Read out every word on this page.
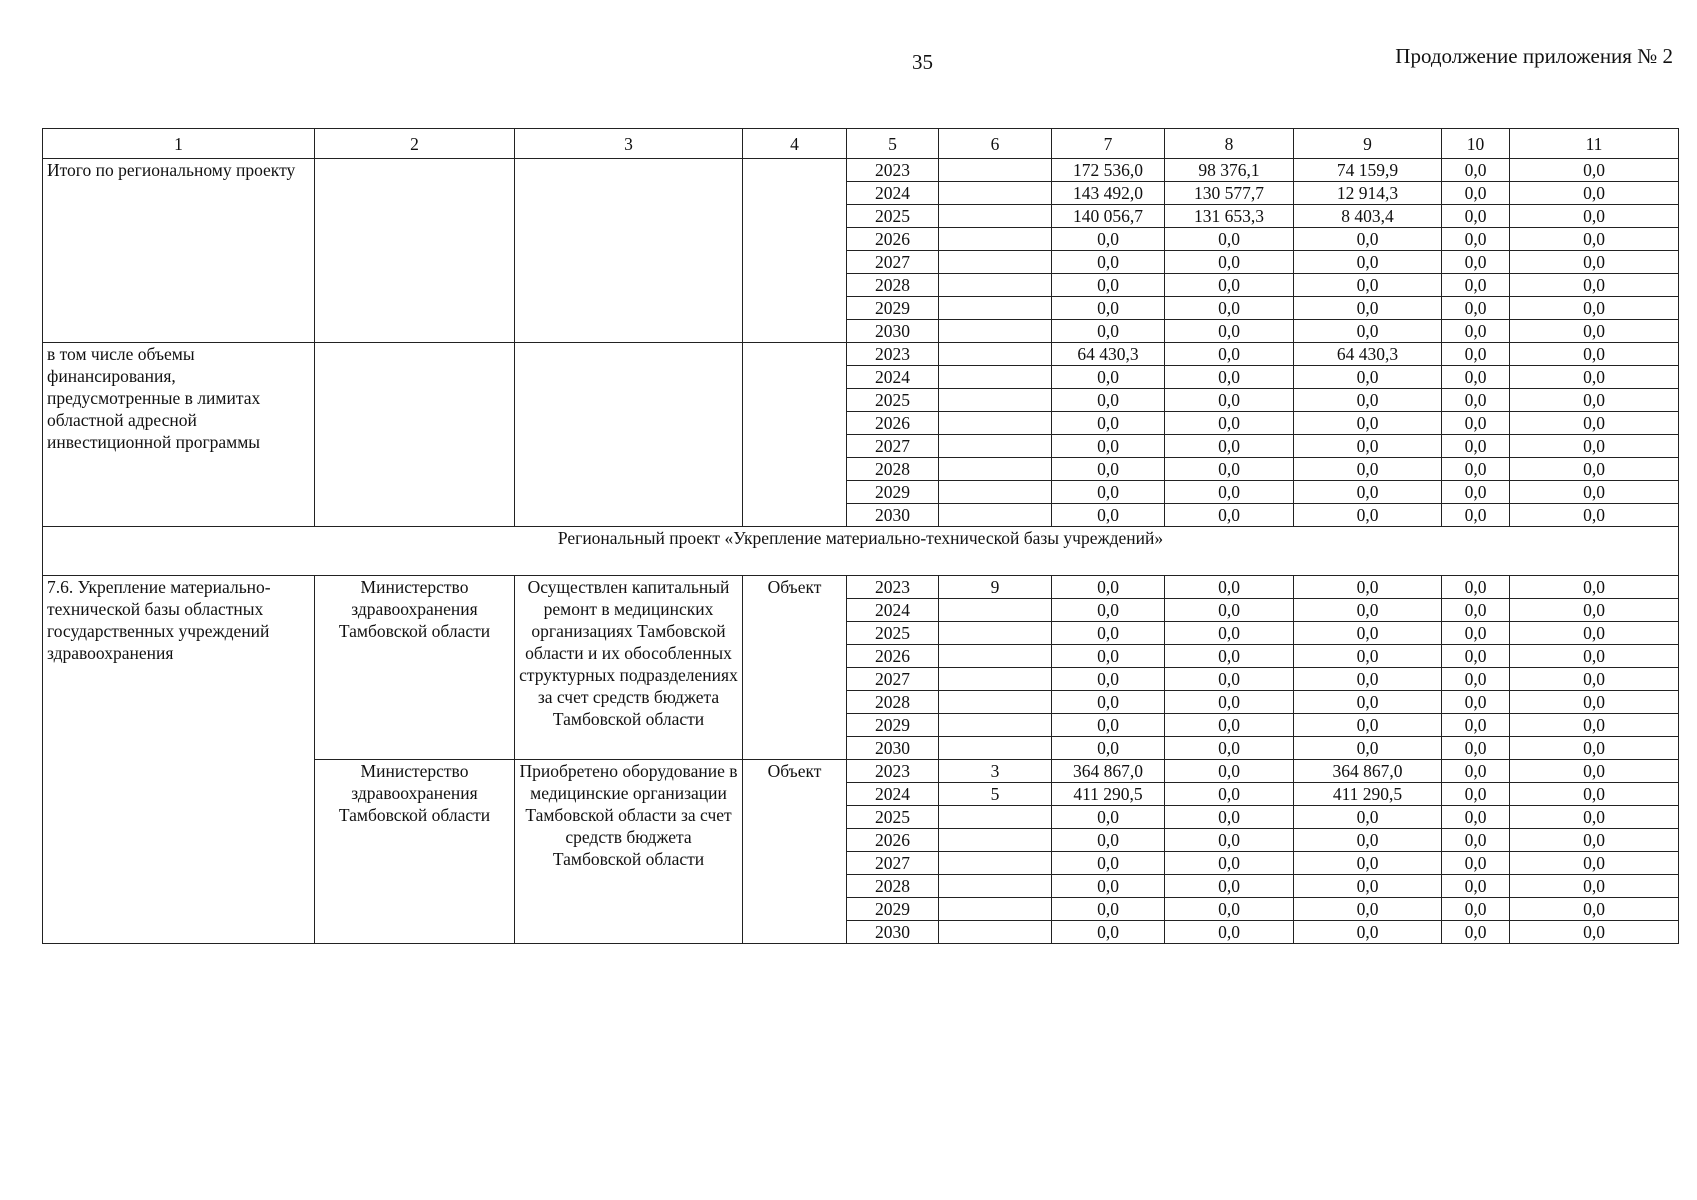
35	Продолжение приложения № 2
1	2	3	4	5	6	7	8	9	10	11
Итого по региональному проекту				2023		172 536,0	98 376,1	74 159,9	0,0	0,0
				2024		143 492,0	130 577,7	12 914,3	0,0	0,0
				2025		140 056,7	131 653,3	8 403,4	0,0	0,0
				2026		0,0	0,0	0,0	0,0	0,0
				2027		0,0	0,0	0,0	0,0	0,0
				2028		0,0	0,0	0,0	0,0	0,0
				2029		0,0	0,0	0,0	0,0	0,0
				2030		0,0	0,0	0,0	0,0	0,0
в том числе объемы финансирования, предусмотренные в лимитах областной адресной инвестиционной программы				2023		64 430,3	0,0	64 430,3	0,0	0,0
				2024		0,0	0,0	0,0	0,0	0,0
				2025		0,0	0,0	0,0	0,0	0,0
				2026		0,0	0,0	0,0	0,0	0,0
				2027		0,0	0,0	0,0	0,0	0,0
				2028		0,0	0,0	0,0	0,0	0,0
				2029		0,0	0,0	0,0	0,0	0,0
				2030		0,0	0,0	0,0	0,0	0,0
Региональный проект «Укрепление материально-технической базы учреждений»										
7.6. Укрепление материально-технической базы областных государственных учреждений здравоохранения	Министерство здравоохранения Тамбовской области	Осуществлен капитальный ремонт в медицинских организациях Тамбовской области и их обособленных структурных подразделениях за счет средств бюджета Тамбовской области	Объект	2023	9	0,0	0,0	0,0	0,0	0,0
				2024		0,0	0,0	0,0	0,0	0,0
				2025		0,0	0,0	0,0	0,0	0,0
				2026		0,0	0,0	0,0	0,0	0,0
				2027		0,0	0,0	0,0	0,0	0,0
				2028		0,0	0,0	0,0	0,0	0,0
				2029		0,0	0,0	0,0	0,0	0,0
				2030		0,0	0,0	0,0	0,0	0,0
	Министерство здравоохранения Тамбовской области	Приобретено оборудование в медицинские организации Тамбовской области за счет средств бюджета Тамбовской области	Объект	2023	3	364 867,0	0,0	364 867,0	0,0	0,0
				2024	5	411 290,5	0,0	411 290,5	0,0	0,0
				2025		0,0	0,0	0,0	0,0	0,0
				2026		0,0	0,0	0,0	0,0	0,0
				2027		0,0	0,0	0,0	0,0	0,0
				2028		0,0	0,0	0,0	0,0	0,0
				2029		0,0	0,0	0,0	0,0	0,0
				2030		0,0	0,0	0,0	0,0	0,0
